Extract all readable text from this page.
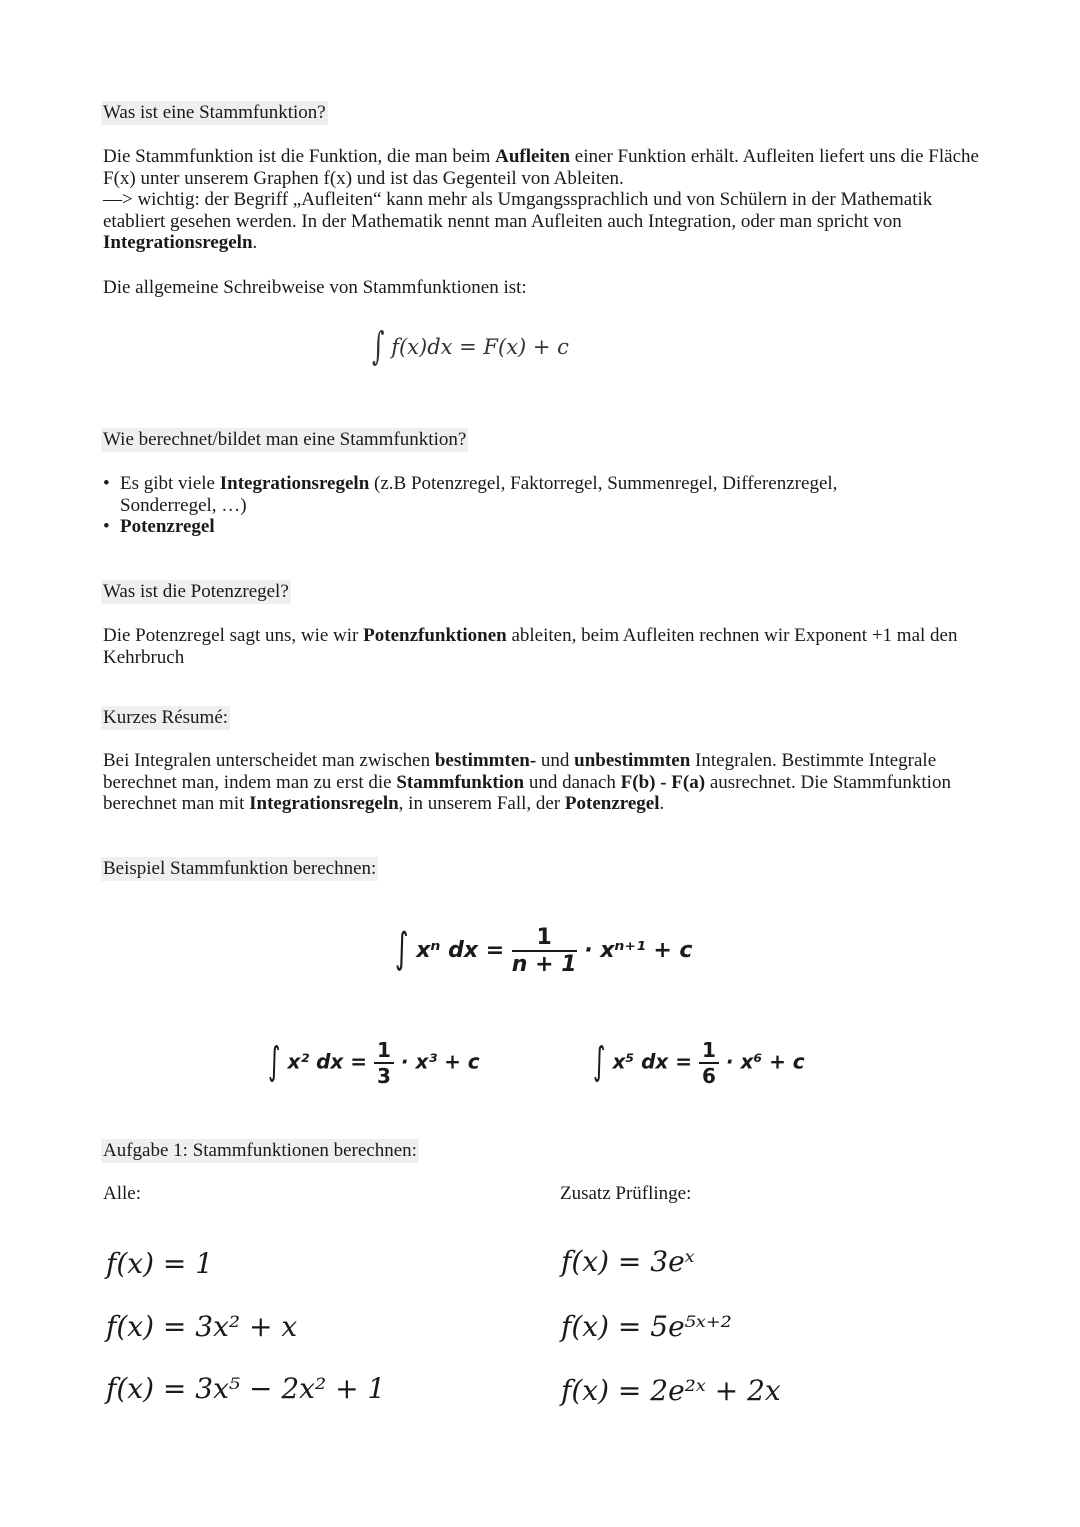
Was ist eine Stammfunktion?
Die Stammfunktion ist die Funktion, die man beim Aufleiten einer Funktion erhält. Aufleiten liefert uns die Fläche F(x) unter unserem Graphen f(x) und ist das Gegenteil von Ableiten.
—> wichtig: der Begriff „Aufleiten“ kann mehr als Umgangssprachlich und von Schülern in der Mathematik etabliert gesehen werden. In der Mathematik nennt man Aufleiten auch Integration, oder man spricht von Integrationsregeln.
Die allgemeine Schreibweise von Stammfunktionen ist:
∫ f(x)dx = F(x) + c
Wie berechnet/bildet man eine Stammfunktion?
• Es gibt viele Integrationsregeln (z.B Potenzregel, Faktorregel, Summenregel, Differenzregel, Sonderregel, …)
• Potenzregel
Was ist die Potenzregel?
Die Potenzregel sagt uns, wie wir Potenzfunktionen ableiten, beim Aufleiten rechnen wir Exponent +1 mal den Kehrbruch
Kurzes Résumé:
Bei Integralen unterscheidet man zwischen bestimmten- und unbestimmten Integralen. Bestimmte Integrale berechnet man, indem man zu erst die Stammfunktion und danach F(b) - F(a) ausrechnet. Die Stammfunktion berechnet man mit Integrationsregeln, in unserem Fall, der Potenzregel.
Beispiel Stammfunktion berechnen:
∫ xⁿ dx = $\frac{1}{n + 1} \cdot x^{n+1} + c$
∫ x² dx = $\frac{1}{3} \cdot x^3 + c$	∫ x⁵ dx = $\frac{1}{6} \cdot x^6 + c$
Aufgabe 1: Stammfunktionen berechnen:
Alle:	Zusatz Prüflinge:
f(x) = 1
f(x) = 3x² + x
f(x) = 3x⁵ − 2x² + 1
f(x) = 3eˣ
f(x) = 5e⁵ˣ⁺²
f(x) = 2e²ˣ + 2x
